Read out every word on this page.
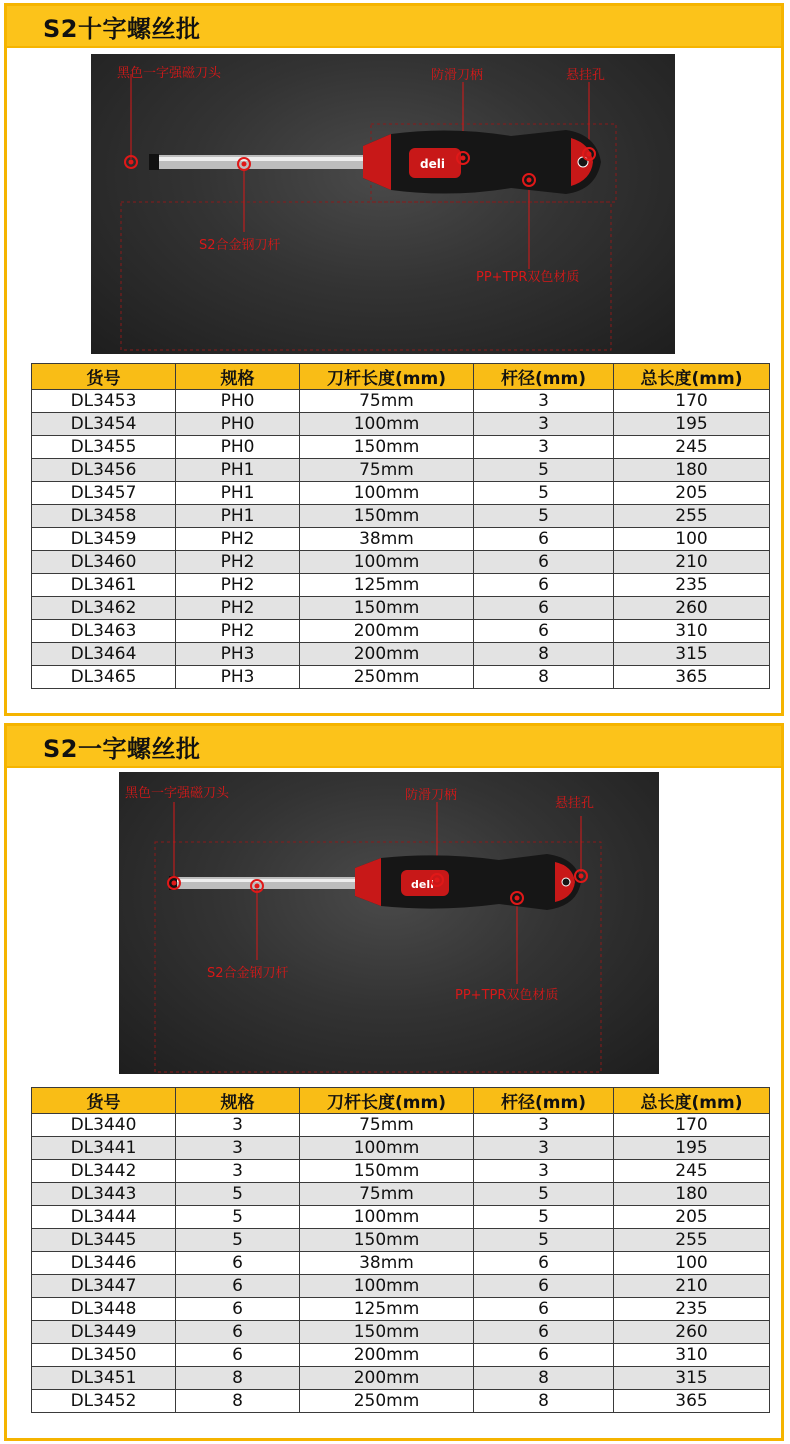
S2十字螺丝批
deli
黑色一字强磁刀头	防滑刀柄	悬挂孔
S2合金钢刀杆
PP+TPR双色材质
货号	规格	刀杆长度(mm)	杆径(mm)	总长度(mm)
DL3453	PH0	75mm	3	170
DL3454	PH0	100mm	3	195
DL3455	PH0	150mm	3	245
DL3456	PH1	75mm	5	180
DL3457	PH1	100mm	5	205
DL3458	PH1	150mm	5	255
DL3459	PH2	38mm	6	100
DL3460	PH2	100mm	6	210
DL3461	PH2	125mm	6	235
DL3462	PH2	150mm	6	260
DL3463	PH2	200mm	6	310
DL3464	PH3	200mm	8	315
DL3465	PH3	250mm	8	365
S2一字螺丝批
deli
黑色一字强磁刀头	防滑刀柄
悬挂孔
S2合金钢刀杆
PP+TPR双色材质
货号	规格	刀杆长度(mm)	杆径(mm)	总长度(mm)
DL3440	3	75mm	3	170
DL3441	3	100mm	3	195
DL3442	3	150mm	3	245
DL3443	5	75mm	5	180
DL3444	5	100mm	5	205
DL3445	5	150mm	5	255
DL3446	6	38mm	6	100
DL3447	6	100mm	6	210
DL3448	6	125mm	6	235
DL3449	6	150mm	6	260
DL3450	6	200mm	6	310
DL3451	8	200mm	8	315
DL3452	8	250mm	8	365
